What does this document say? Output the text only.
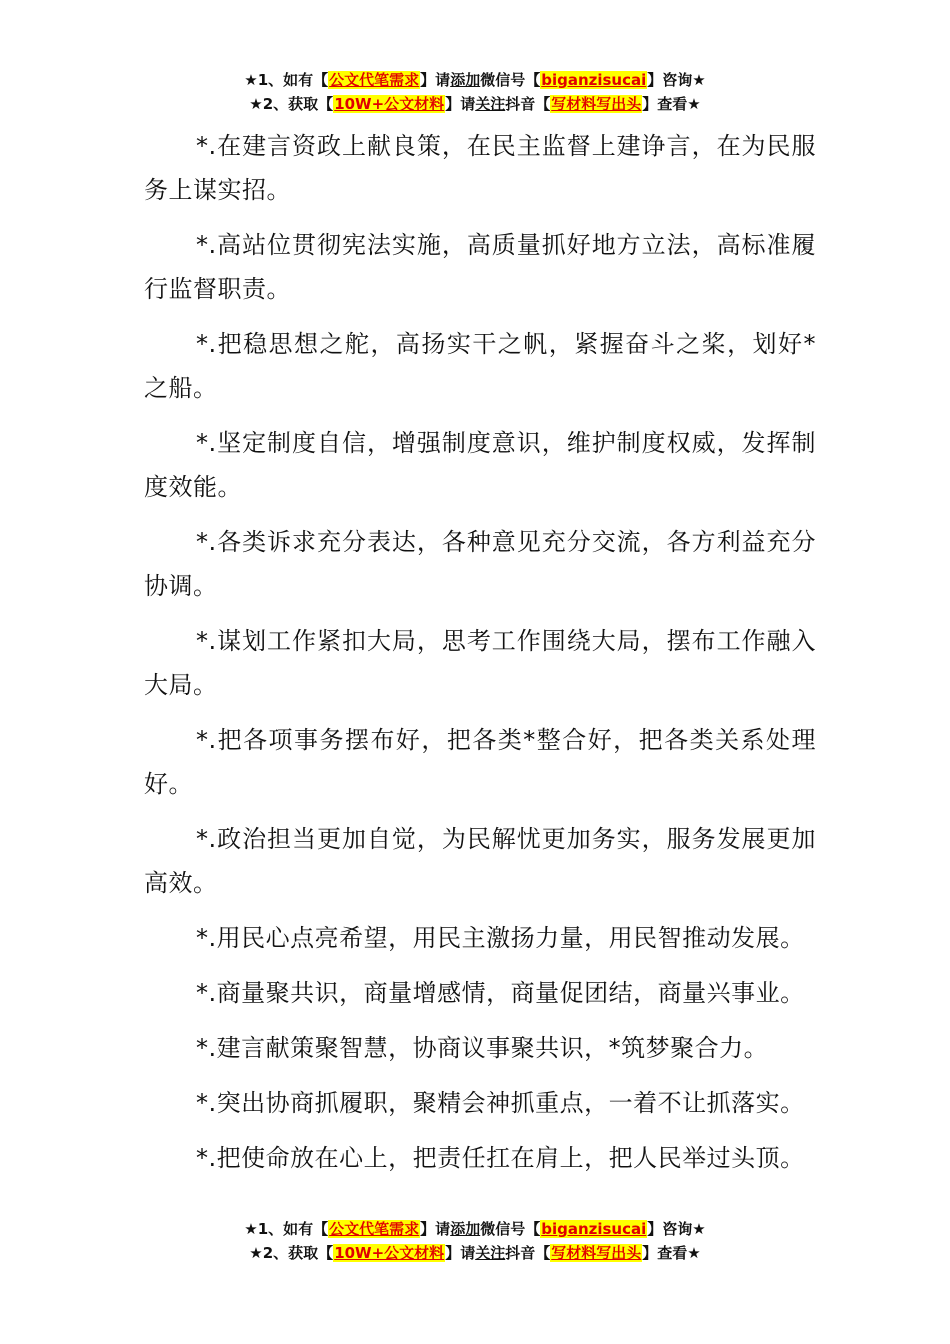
★1、如有【公文代笔需求】请添加微信号【biganzisucai】咨询★
★2、获取【10W+公文材料】请关注抖音【写材料写出头】查看★

*.在建言资政上献良策，在民主监督上建诤言，在为民服务上谋实招。

*.高站位贯彻宪法实施，高质量抓好地方立法，高标准履行监督职责。

*.把稳思想之舵，高扬实干之帆，紧握奋斗之桨，划好*之船。

*.坚定制度自信，增强制度意识，维护制度权威，发挥制度效能。

*.各类诉求充分表达，各种意见充分交流，各方利益充分协调。

*.谋划工作紧扣大局，思考工作围绕大局，摆布工作融入大局。

*.把各项事务摆布好，把各类*整合好，把各类关系处理好。

*.政治担当更加自觉，为民解忧更加务实，服务发展更加高效。

*.用民心点亮希望，用民主激扬力量，用民智推动发展。

*.商量聚共识，商量增感情，商量促团结，商量兴事业。

*.建言献策聚智慧，协商议事聚共识，*筑梦聚合力。

*.突出协商抓履职，聚精会神抓重点，一着不让抓落实。

*.把使命放在心上，把责任扛在肩上，把人民举过头顶。

★1、如有【公文代笔需求】请添加微信号【biganzisucai】咨询★
★2、获取【10W+公文材料】请关注抖音【写材料写出头】查看★
